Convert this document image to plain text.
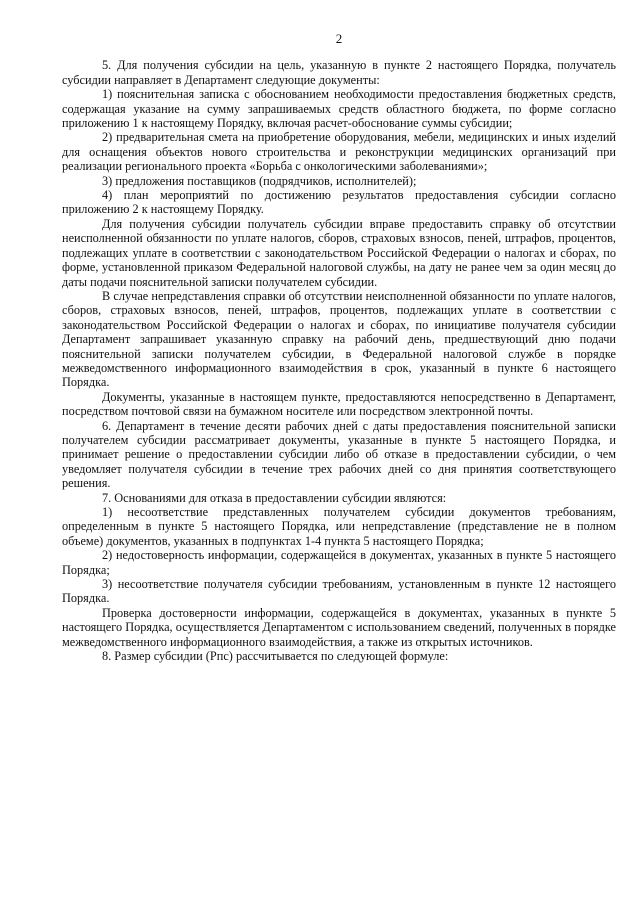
2

5. Для получения субсидии на цель, указанную в пункте 2 настоящего Порядка, получатель субсидии направляет в Департамент следующие документы:

1) пояснительная записка с обоснованием необходимости предоставления бюджетных средств, содержащая указание на сумму запрашиваемых средств областного бюджета, по форме согласно приложению 1 к настоящему Порядку, включая расчет-обоснование суммы субсидии;

2) предварительная смета на приобретение оборудования, мебели, медицинских и иных изделий для оснащения объектов нового строительства и реконструкции медицинских организаций при реализации регионального проекта «Борьба с онкологическими заболеваниями»;

3) предложения поставщиков (подрядчиков, исполнителей);

4) план мероприятий по достижению результатов предоставления субсидии согласно приложению 2 к настоящему Порядку.

Для получения субсидии получатель субсидии вправе предоставить справку об отсутствии неисполненной обязанности по уплате налогов, сборов, страховых взносов, пеней, штрафов, процентов, подлежащих уплате в соответствии с законодательством Российской Федерации о налогах и сборах, по форме, установленной приказом Федеральной налоговой службы, на дату не ранее чем за один месяц до даты подачи пояснительной записки получателем субсидии.

В случае непредставления справки об отсутствии неисполненной обязанности по уплате налогов, сборов, страховых взносов, пеней, штрафов, процентов, подлежащих уплате в соответствии с законодательством Российской Федерации о налогах и сборах, по инициативе получателя субсидии Департамент запрашивает указанную справку на рабочий день, предшествующий дню подачи пояснительной записки получателем субсидии, в Федеральной налоговой службе в порядке межведомственного информационного взаимодействия в срок, указанный в пункте 6 настоящего Порядка.

Документы, указанные в настоящем пункте, предоставляются непосредственно в Департамент, посредством почтовой связи на бумажном носителе или посредством электронной почты.

6. Департамент в течение десяти рабочих дней с даты предоставления пояснительной записки получателем субсидии рассматривает документы, указанные в пункте 5 настоящего Порядка, и принимает решение о предоставлении субсидии либо об отказе в предоставлении субсидии, о чем уведомляет получателя субсидии в течение трех рабочих дней со дня принятия соответствующего решения.

7. Основаниями для отказа в предоставлении субсидии являются:

1) несоответствие представленных получателем субсидии документов требованиям, определенным в пункте 5 настоящего Порядка, или непредставление (представление не в полном объеме) документов, указанных в подпунктах 1-4 пункта 5 настоящего Порядка;

2) недостоверность информации, содержащейся в документах, указанных в пункте 5 настоящего Порядка;

3) несоответствие получателя субсидии требованиям, установленным в пункте 12 настоящего Порядка.

Проверка достоверности информации, содержащейся в документах, указанных в пункте 5 настоящего Порядка, осуществляется Департаментом с использованием сведений, полученных в порядке межведомственного информационного взаимодействия, а также из открытых источников.

8. Размер субсидии (Рпс) рассчитывается по следующей формуле:
